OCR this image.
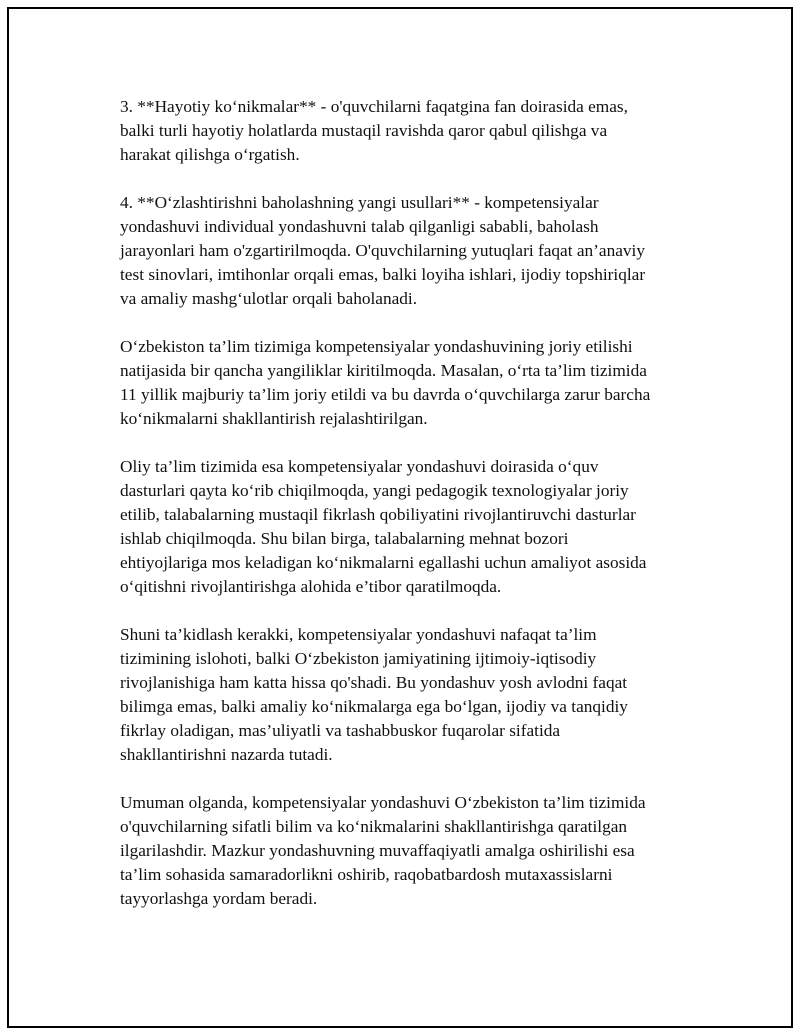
3. **Hayotiy ko‘nikmalar** - o'quvchilarni faqatgina fan doirasida emas,
balki turli hayotiy holatlarda mustaqil ravishda qaror qabul qilishga va
harakat qilishga o‘rgatish.

4. **O‘zlashtirishni baholashning yangi usullari** - kompetensiyalar
yondashuvi individual yondashuvni talab qilganligi sababli, baholash
jarayonlari ham o'zgartirilmoqda. O'quvchilarning yutuqlari faqat an’anaviy
test sinovlari, imtihonlar orqali emas, balki loyiha ishlari, ijodiy topshiriqlar
va amaliy mashg‘ulotlar orqali baholanadi.

O‘zbekiston ta’lim tizimiga kompetensiyalar yondashuvining joriy etilishi
natijasida bir qancha yangiliklar kiritilmoqda. Masalan, o‘rta ta’lim tizimida
11 yillik majburiy ta’lim joriy etildi va bu davrda o‘quvchilarga zarur barcha
ko‘nikmalarni shakllantirish rejalashtirilgan.

Oliy ta’lim tizimida esa kompetensiyalar yondashuvi doirasida o‘quv
dasturlari qayta ko‘rib chiqilmoqda, yangi pedagogik texnologiyalar joriy
etilib, talabalarning mustaqil fikrlash qobiliyatini rivojlantiruvchi dasturlar
ishlab chiqilmoqda. Shu bilan birga, talabalarning mehnat bozori
ehtiyojlariga mos keladigan ko‘nikmalarni egallashi uchun amaliyot asosida
o‘qitishni rivojlantirishga alohida e’tibor qaratilmoqda.

Shuni ta’kidlash kerakki, kompetensiyalar yondashuvi nafaqat ta’lim
tizimining islohoti, balki O‘zbekiston jamiyatining ijtimoiy-iqtisodiy
rivojlanishiga ham katta hissa qo'shadi. Bu yondashuv yosh avlodni faqat
bilimga emas, balki amaliy ko‘nikmalarga ega bo‘lgan, ijodiy va tanqidiy
fikrlay oladigan, mas’uliyatli va tashabbuskor fuqarolar sifatida
shakllantirishni nazarda tutadi.

Umuman olganda, kompetensiyalar yondashuvi O‘zbekiston ta’lim tizimida
o'quvchilarning sifatli bilim va ko‘nikmalarini shakllantirishga qaratilgan
ilgarilashdir. Mazkur yondashuvning muvaffaqiyatli amalga oshirilishi esa
ta’lim sohasida samaradorlikni oshirib, raqobatbardosh mutaxassislarni
tayyorlashga yordam beradi.
